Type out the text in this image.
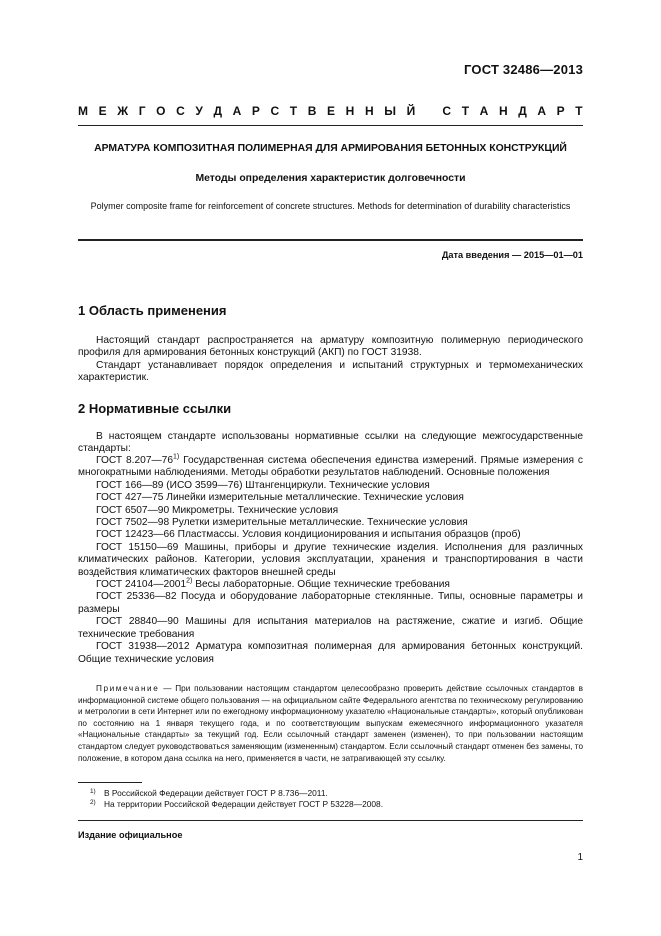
ГОСТ 32486—2013
М Е Ж Г О С У Д А Р С Т В Е Н Н Ы Й С Т А Н Д А Р Т
АРМАТУРА КОМПОЗИТНАЯ ПОЛИМЕРНАЯ ДЛЯ АРМИРОВАНИЯ БЕТОННЫХ КОНСТРУКЦИЙ
Методы определения характеристик долговечности
Polymer composite frame for reinforcement of concrete structures. Methods for determination of durability characteristics
Дата введения — 2015—01—01
1 Область применения
Настоящий стандарт распространяется на арматуру композитную полимерную периодического профиля для армирования бетонных конструкций (АКП) по ГОСТ 31938.
Стандарт устанавливает порядок определения и испытаний структурных и термомеханических характеристик.
2 Нормативные ссылки
В настоящем стандарте использованы нормативные ссылки на следующие межгосударственные стандарты:
ГОСТ 8.207—76$^{1)}$ Государственная система обеспечения единства измерений. Прямые измерения с многократными наблюдениями. Методы обработки результатов наблюдений. Основные положения
ГОСТ 166—89 (ИСО 3599—76) Штангенциркули. Технические условия
ГОСТ 427—75 Линейки измерительные металлические. Технические условия
ГОСТ 6507—90 Микрометры. Технические условия
ГОСТ 7502—98 Рулетки измерительные металлические. Технические условия
ГОСТ 12423—66 Пластмассы. Условия кондиционирования и испытания образцов (проб)
ГОСТ 15150—69 Машины, приборы и другие технические изделия. Исполнения для различных климатических районов. Категории, условия эксплуатации, хранения и транспортирования в части воздействия климатических факторов внешней среды
ГОСТ 24104—2001$^{2)}$ Весы лабораторные. Общие технические требования
ГОСТ 25336—82 Посуда и оборудование лабораторные стеклянные. Типы, основные параметры и размеры
ГОСТ 28840—90 Машины для испытания материалов на растяжение, сжатие и изгиб. Общие технические требования
ГОСТ 31938—2012 Арматура композитная полимерная для армирования бетонных конструкций. Общие технические условия
Примечание — При пользовании настоящим стандартом целесообразно проверить действие ссылочных стандартов в информационной системе общего пользования — на официальном сайте Федерального агентства по техническому регулированию и метрологии в сети Интернет или по ежегодному информационному указателю «Национальные стандарты», который опубликован по состоянию на 1 января текущего года, и по соответствующим выпускам ежемесячного информационного указателя «Национальные стандарты» за текущий год. Если ссылочный стандарт заменен (изменен), то при пользовании настоящим стандартом следует руководствоваться заменяющим (измененным) стандартом. Если ссылочный стандарт отменен без замены, то положение, в котором дана ссылка на него, применяется в части, не затрагивающей эту ссылку.
1) В Российской Федерации действует ГОСТ Р 8.736—2011.
2) На территории Российской Федерации действует ГОСТ Р 53228—2008.
Издание официальное
1
